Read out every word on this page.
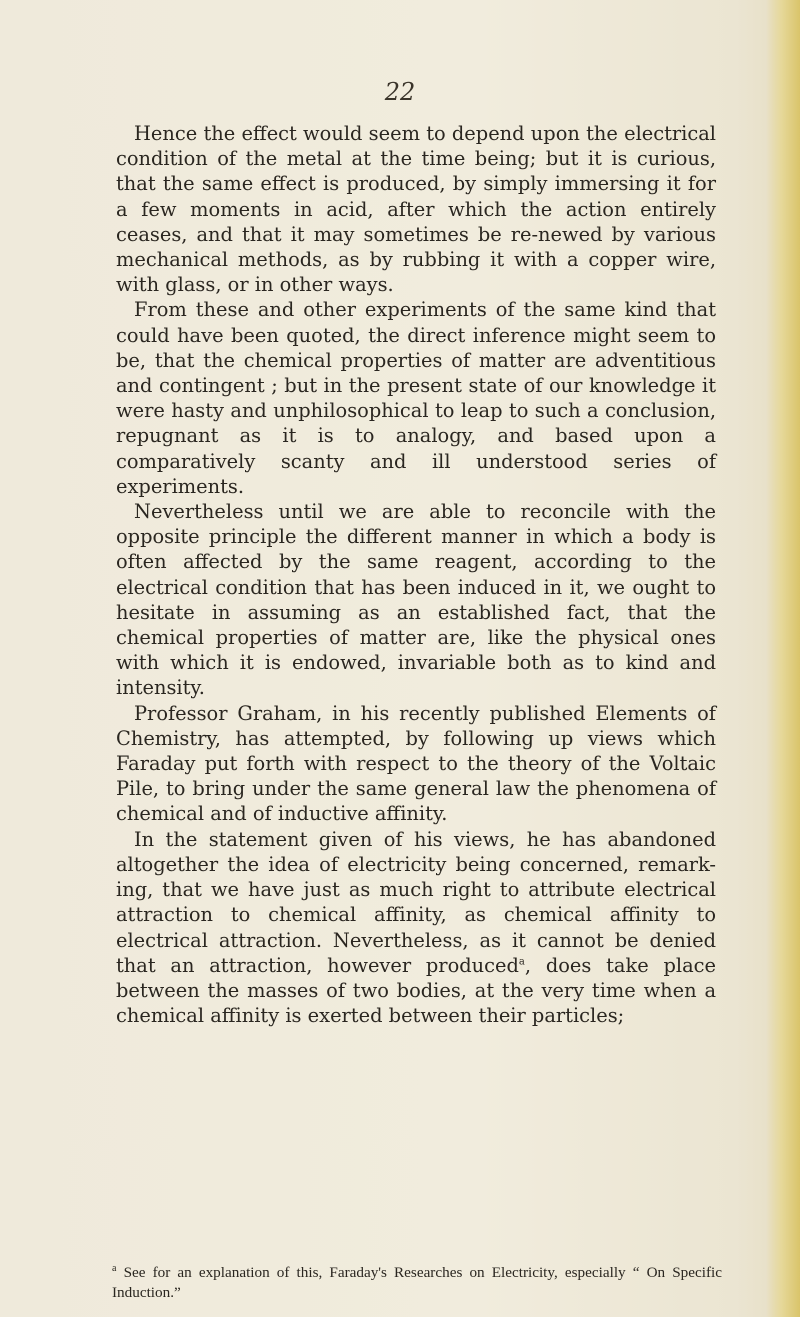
22

Hence the effect would seem to depend upon the electrical condition of the metal at the time being; but it is curious, that the same effect is produced, by simply immersing it for a few moments in acid, after which the action entirely ceases, and that it may sometimes be re-newed by various mechanical methods, as by rubbing it with a copper wire, with glass, or in other ways.

From these and other experiments of the same kind that could have been quoted, the direct inference might seem to be, that the chemical properties of matter are adventitious and contingent ; but in the present state of our knowledge it were hasty and unphilosophical to leap to such a conclusion, repugnant as it is to analogy, and based upon a comparatively scanty and ill understood series of experiments.

Nevertheless until we are able to reconcile with the opposite principle the different manner in which a body is often affected by the same reagent, according to the electrical condition that has been induced in it, we ought to hesitate in assuming as an established fact, that the chemical properties of matter are, like the physical ones with which it is endowed, invariable both as to kind and intensity.

Professor Graham, in his recently published Elements of Chemistry, has attempted, by following up views which Faraday put forth with respect to the theory of the Voltaic Pile, to bring under the same general law the phenomena of chemical and of inductive affinity.

In the statement given of his views, he has abandoned altogether the idea of electricity being concerned, remark-ing, that we have just as much right to attribute electrical attraction to chemical affinity, as chemical affinity to electrical attraction. Nevertheless, as it cannot be denied that an attraction, however produced$^a$, does take place between the masses of two bodies, at the very time when a chemical affinity is exerted between their particles;

$^a$ See for an explanation of this, Faraday's Researches on Electricity, especially “ On Specific Induction.”
